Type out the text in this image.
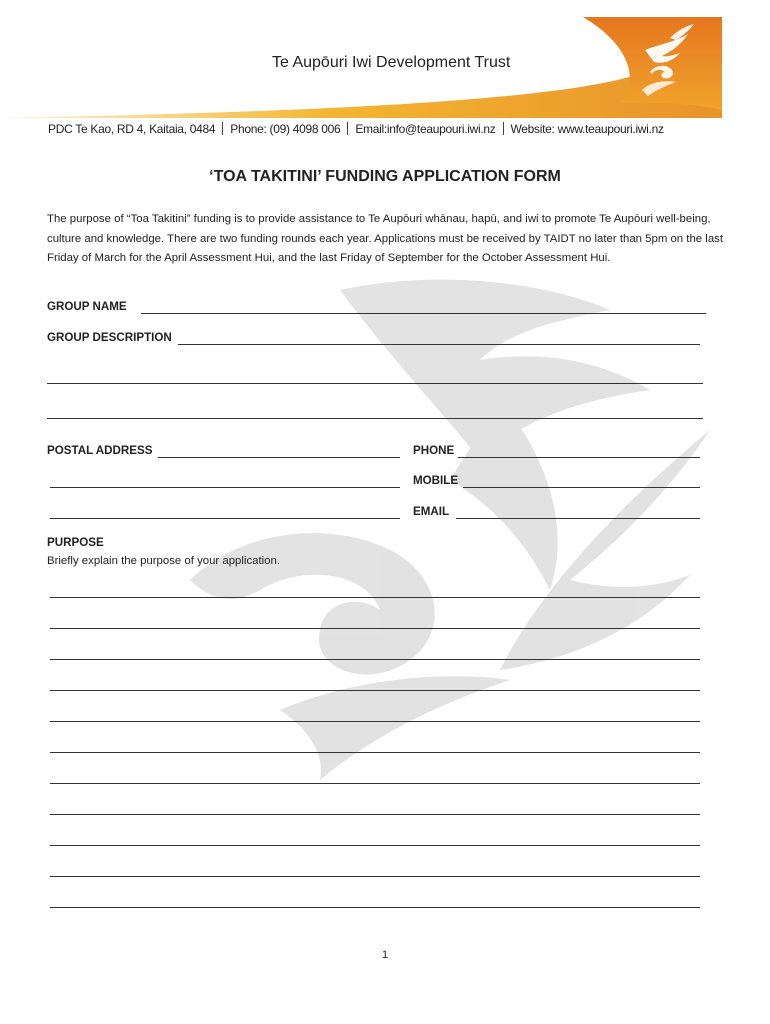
Te Aupōuri Iwi Development Trust
PDC Te Kao, RD 4, Kaitaia, 0484 Phone: (09) 4098 006 Email:info@teaupouri.iwi.nz Website: www.teaupouri.iwi.nz
‘TOA TAKITINI’ FUNDING APPLICATION FORM
The purpose of “Toa Takitini” funding is to provide assistance to Te Aupōuri whānau, hapū, and iwi to promote Te Aupōuri well-being, culture and knowledge. There are two funding rounds each year. Applications must be received by TAIDT no later than 5pm on the last Friday of March for the April Assessment Hui, and the last Friday of September for the October Assessment Hui.
GROUP NAME
GROUP DESCRIPTION
POSTAL ADDRESS	PHONE
MOBILE
EMAIL
PURPOSE
Briefly explain the purpose of your application.
1
